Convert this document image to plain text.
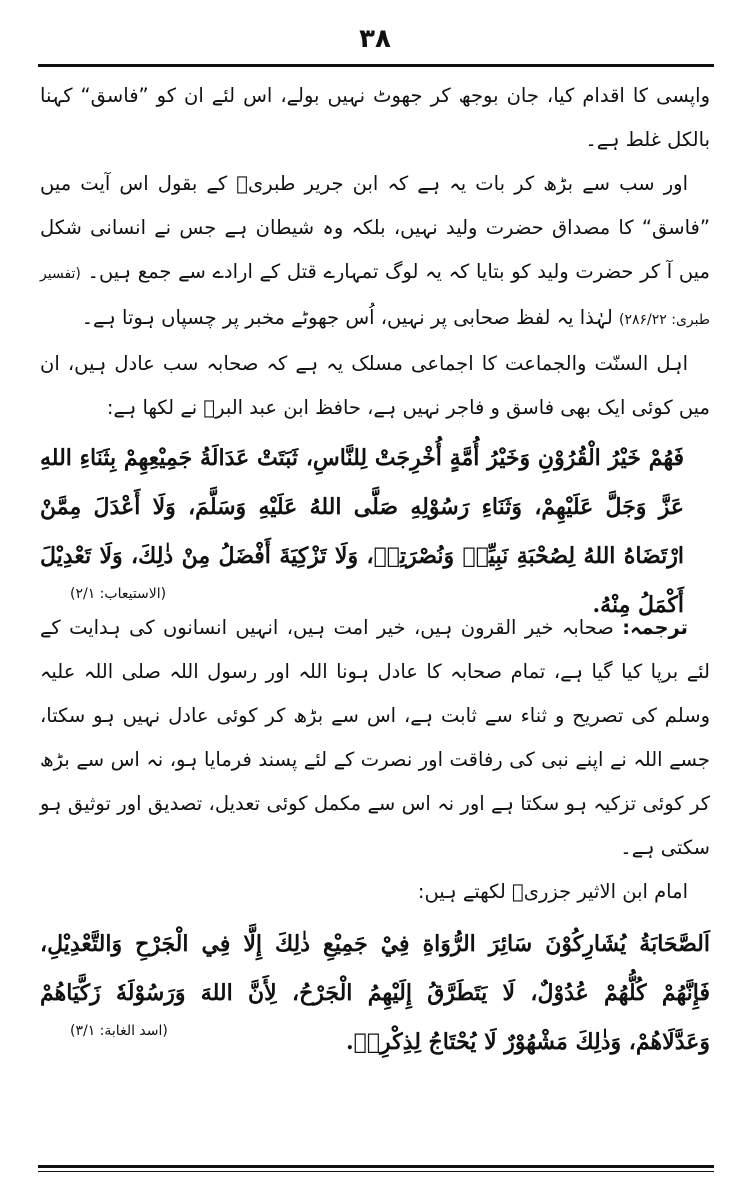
۳۸

واپسی کا اقدام کیا، جان بوجھ کر جھوٹ نہیں بولے، اس لئے ان کو ”فاسق“ کہنا بالکل غلط ہے۔

اور سب سے بڑھ کر بات یہ ہے کہ ابن جریر طبریؒ کے بقول اس آیت میں ”فاسق“ کا مصداق حضرت ولید نہیں، بلکہ وہ شیطان ہے جس نے انسانی شکل میں آ کر حضرت ولید کو بتایا کہ یہ لوگ تمہارے قتل کے ارادے سے جمع ہیں۔ (تفسیر طبری: ۲۸۶/۲۲) لہٰذا یہ لفظ صحابی پر نہیں، اُس جھوٹے مخبر پر چسپاں ہوتا ہے۔

اہل السنّت والجماعت کا اجماعی مسلک یہ ہے کہ صحابہ سب عادل ہیں، ان میں کوئی ایک بھی فاسق و فاجر نہیں ہے، حافظ ابن عبد البرؒ نے لکھا ہے:

فَهُمْ خَيْرُ الْقُرُوْنِ وَخَيْرُ أُمَّةٍ أُخْرِجَتْ لِلنَّاسِ، ثَبَتَتْ عَدَالَةُ جَمِيْعِهِمْ بِثَنَاءِ اللهِ عَزَّ وَجَلَّ عَلَيْهِمْ، وَثَنَاءِ رَسُوْلِهِ صَلَّى اللهُ عَلَيْهِ وَسَلَّمَ، وَلَا أَعْدَلَ مِمَّنْ ارْتَضَاهُ اللهُ لِصُحْبَةِ نَبِيِّهٖ وَنُصْرَتِهٖ، وَلَا تَزْكِيَةَ أَفْضَلُ مِنْ ذٰلِكَ، وَلَا تَعْدِيْلَ أَكْمَلُ مِنْهُ.

(الاستیعاب: ۲/۱)

ترجمہ: صحابہ خیر القرون ہیں، خیر امت ہیں، انہیں انسانوں کی ہدایت کے لئے برپا کیا گیا ہے، تمام صحابہ کا عادل ہونا اللہ اور رسول اللہ صلی اللہ علیہ وسلم کی تصریح و ثناء سے ثابت ہے، اس سے بڑھ کر کوئی عادل نہیں ہو سکتا، جسے اللہ نے اپنے نبی کی رفاقت اور نصرت کے لئے پسند فرمایا ہو، نہ اس سے بڑھ کر کوئی تزکیہ ہو سکتا ہے اور نہ اس سے مکمل کوئی تعدیل، تصدیق اور توثیق ہو سکتی ہے۔

امام ابن الاثیر جزریؒ لکھتے ہیں:

اَلصَّحَابَةُ يُشَارِكُوْنَ سَائِرَ الرُّوَاةِ فِيْ جَمِيْعِ ذٰلِكَ إِلَّا فِي الْجَرْحِ وَالتَّعْدِيْلِ، فَإِنَّهُمْ كُلُّهُمْ عُدُوْلٌ، لَا يَتَطَرَّقُ إِلَيْهِمُ الْجَرْحُ، لِأَنَّ اللهَ وَرَسُوْلَهٗ زَكَّيَاهُمْ وَعَدَّلَاهُمْ، وَذٰلِكَ مَشْهُوْرٌ لَا يُحْتَاجُ لِذِكْرِهٖ.

(اسد الغابة: ۳/۱)
